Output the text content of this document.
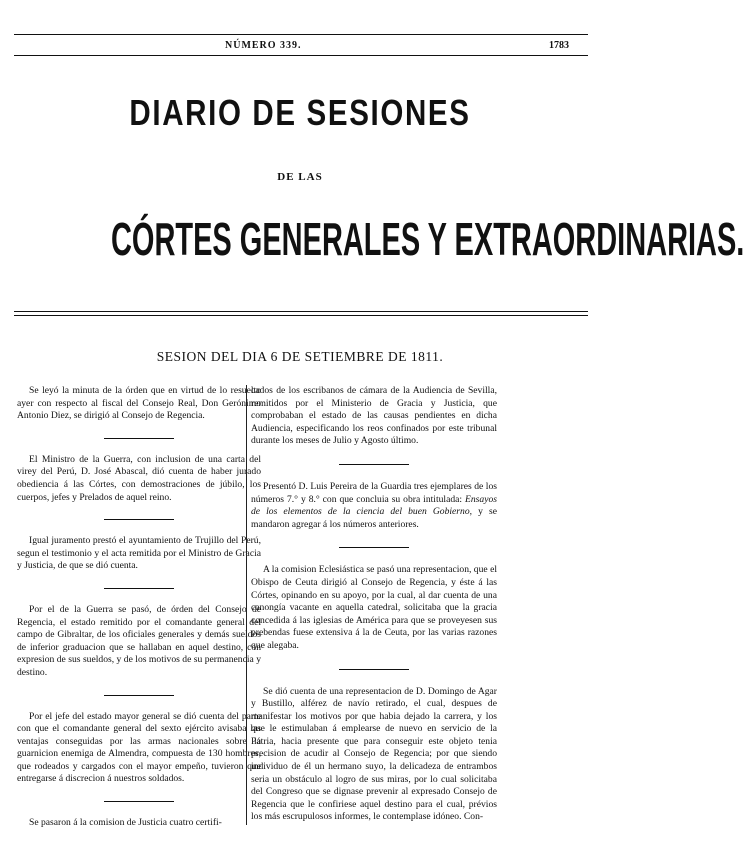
NÚMERO 339.	1783
DIARIO DE SESIONES
DE LAS
CÓRTES GENERALES Y EXTRAORDINARIAS.
SESION DEL DIA 6 DE SETIEMBRE DE 1811.

Se leyó la minuta de la órden que en virtud de lo resuelto ayer con respecto al fiscal del Consejo Real, Don Gerónimo Antonio Diez, se dirigió al Consejo de Regencia.

El Ministro de la Guerra, con inclusion de una carta del virey del Perú, D. José Abascal, dió cuenta de haber jurado obediencia á las Córtes, con demostraciones de júbilo, los cuerpos, jefes y Prelados de aquel reino.

Igual juramento prestó el ayuntamiento de Trujillo del Perú, segun el testimonio y el acta remitida por el Ministro de Gracia y Justicia, de que se dió cuenta.

Por el de la Guerra se pasó, de órden del Consejo de Regencia, el estado remitido por el comandante general del campo de Gibraltar, de los oficiales generales y demás sueldos de inferior graduacion que se hallaban en aquel destino, con expresion de sus sueldos, y de los motivos de su permanencia y destino.

Por el jefe del estado mayor general se dió cuenta del parte con que el comandante general del sexto ejército avisaba las ventajas conseguidas por las armas nacionales sobre la guarnicion enemiga de Almendra, compuesta de 130 hombres, que rodeados y cargados con el mayor empeño, tuvieron que entregarse á discrecion á nuestros soldados.

Se pasaron á la comision de Justicia cuatro certifi-

cados de los escribanos de cámara de la Audiencia de Sevilla, remitidos por el Ministerio de Gracia y Justicia, que comprobaban el estado de las causas pendientes en dicha Audiencia, especificando los reos confinados por este tribunal durante los meses de Julio y Agosto último.

Presentó D. Luis Pereira de la Guardia tres ejemplares de los números 7.° y 8.° con que concluia su obra intitulada: Ensayos de los elementos de la ciencia del buen Gobierno, y se mandaron agregar á los números anteriores.

A la comision Eclesiástica se pasó una representacion, que el Obispo de Ceuta dirigió al Consejo de Regencia, y éste á las Córtes, opinando en su apoyo, por la cual, al dar cuenta de una canongía vacante en aquella catedral, solicitaba que la gracia concedida á las iglesias de América para que se proveyesen sus prebendas fuese extensiva á la de Ceuta, por las varias razones que alegaba.

Se dió cuenta de una representacion de D. Domingo de Agar y Bustillo, alférez de navío retirado, el cual, despues de manifestar los motivos por que habia dejado la carrera, y los que le estimulaban á emplearse de nuevo en servicio de la Pátria, hacia presente que para conseguir este objeto tenia precision de acudir al Consejo de Regencia; por que siendo individuo de él un hermano suyo, la delicadeza de entrambos seria un obstáculo al logro de sus miras, por lo cual solicitaba del Congreso que se dignase prevenir al expresado Consejo de Regencia que le confiriese aquel destino para el cual, prévios los más escrupulosos informes, le contemplase idóneo. Con-
